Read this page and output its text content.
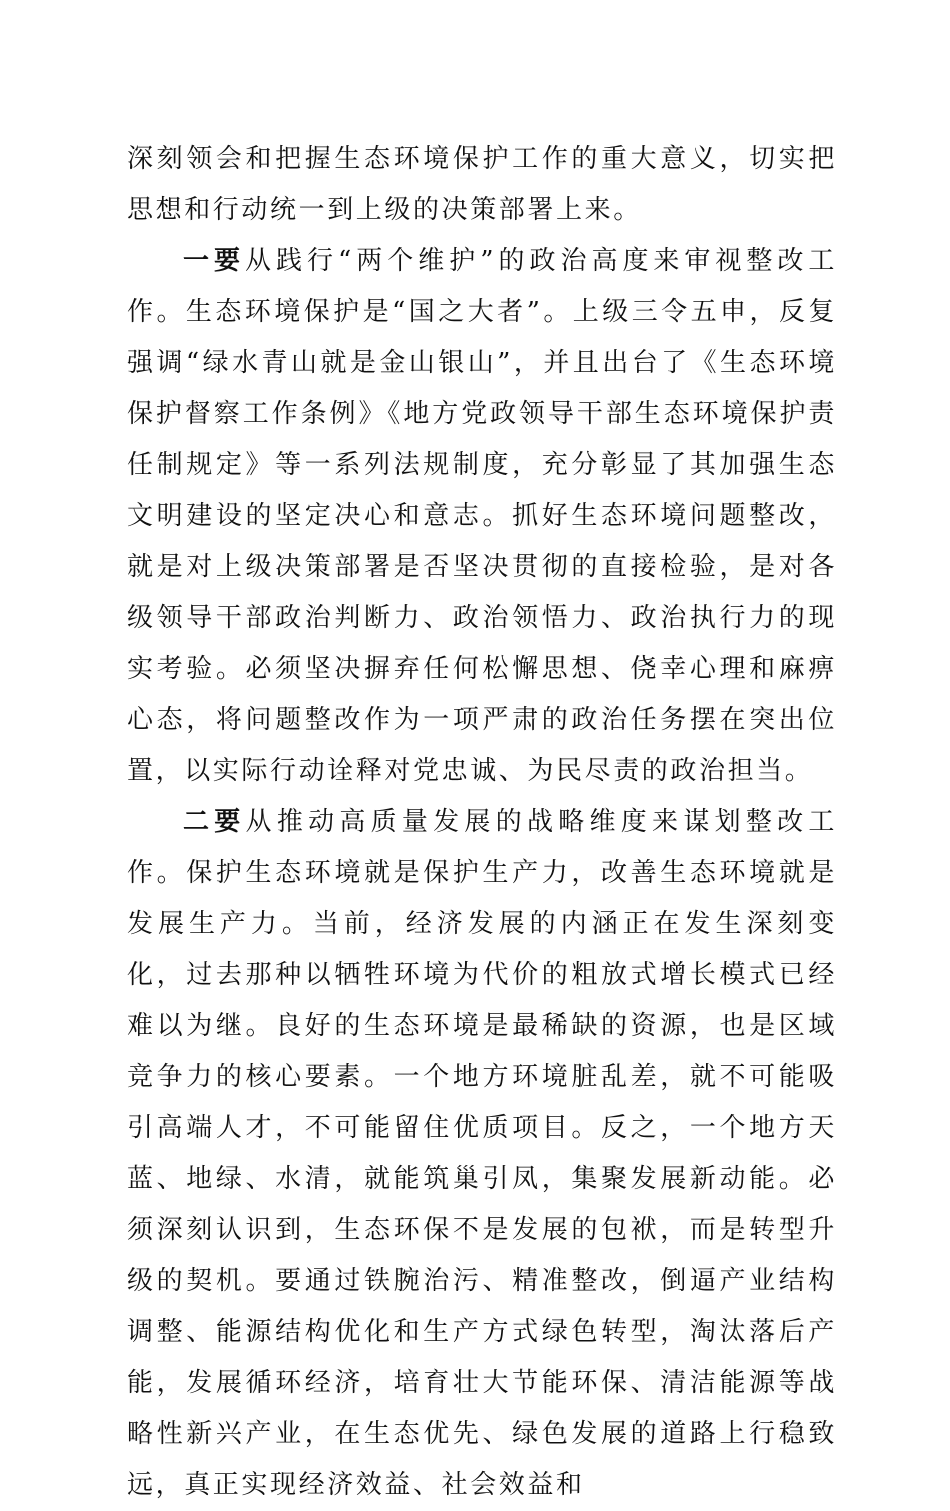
深刻领会和把握生态环境保护工作的重大意义，切实把思想和行动统一到上级的决策部署上来。

一要从践行“两个维护”的政治高度来审视整改工作。生态环境保护是“国之大者”。上级三令五申，反复强调“绿水青山就是金山银山”，并且出台了《生态环境保护督察工作条例》《地方党政领导干部生态环境保护责任制规定》等一系列法规制度，充分彰显了其加强生态文明建设的坚定决心和意志。抓好生态环境问题整改，就是对上级决策部署是否坚决贯彻的直接检验，是对各级领导干部政治判断力、政治领悟力、政治执行力的现实考验。必须坚决摒弃任何松懈思想、侥幸心理和麻痹心态，将问题整改作为一项严肃的政治任务摆在突出位置，以实际行动诠释对党忠诚、为民尽责的政治担当。

二要从推动高质量发展的战略维度来谋划整改工作。保护生态环境就是保护生产力，改善生态环境就是发展生产力。当前，经济发展的内涵正在发生深刻变化，过去那种以牺牲环境为代价的粗放式增长模式已经难以为继。良好的生态环境是最稀缺的资源，也是区域竞争力的核心要素。一个地方环境脏乱差，就不可能吸引高端人才，不可能留住优质项目。反之，一个地方天蓝、地绿、水清，就能筑巢引凤，集聚发展新动能。必须深刻认识到，生态环保不是发展的包袱，而是转型升级的契机。要通过铁腕治污、精准整改，倒逼产业结构调整、能源结构优化和生产方式绿色转型，淘汰落后产能，发展循环经济，培育壮大节能环保、清洁能源等战略性新兴产业，在生态优先、绿色发展的道路上行稳致远，真正实现经济效益、社会效益和
